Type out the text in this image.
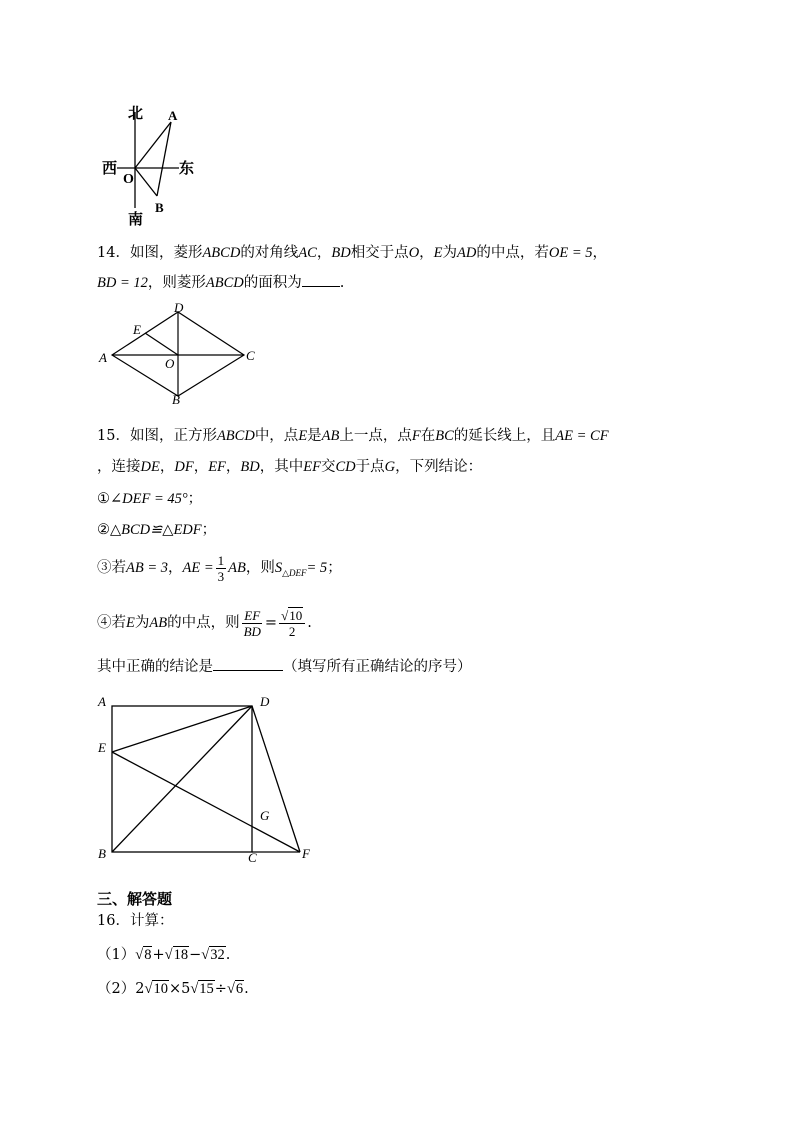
北
南
西	东
O
A
B
14．如图，菱形ABCD的对角线AC，BD相交于点O，E为AD的中点，若OE = 5，
BD = 12，则菱形ABCD的面积为	.
A
B
C
D
E
O
15．如图，正方形ABCD中，点E是AB上一点，点F在BC的延长线上，且AE = CF
，连接DE，DF，EF，BD，其中EF交CD于点G，下列结论：
①∠DEF = 45°；
②△BCD≌△EDF；
③若AB = 3，AE = $\frac{1}{3}$ AB，则$S_{\triangle DEF}= 5$；
④若E为AB的中点，则 $\frac{EF}{BD} = \frac{√10}{2}$ .
其中正确的结论是	（填写所有正确结论的序号）
A
B	C
D
E
F
G
三、解答题
16．计算：
（1）√8+√18−√32.
（2）2√10×5√15÷√6.
